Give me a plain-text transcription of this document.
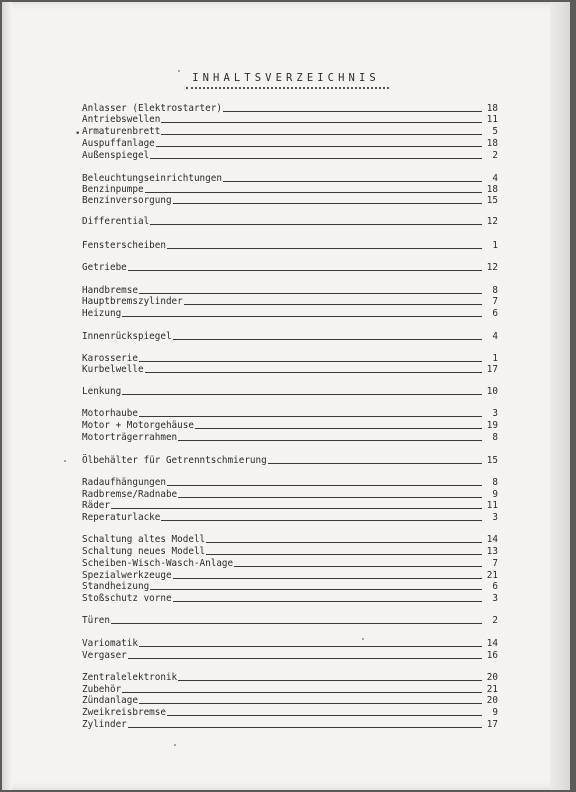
INHALTSVERZEICHNIS
•
Anlasser (Elektrostarter)	18
Antriebswellen	11
Armaturenbrett	5
Auspuffanlage	18
Außenspiegel	2
Beleuchtungseinrichtungen	4
Benzinpumpe	18
Benzinversorgung	15
Differential	12
Fensterscheiben	1
Getriebe	12
Handbremse	8
Hauptbremszylinder	7
Heizung	6
Innenrückspiegel	4
Karosserie	1
Kurbelwelle	17
Lenkung	10
Motorhaube	3
Motor + Motorgehäuse	19
Motorträgerrahmen	8
Ölbehälter für Getrenntschmierung	15
Radaufhängungen	8
Radbremse/Radnabe	9
Räder	11
Reperaturlacke	3
Schaltung altes Modell	14
Schaltung neues Modell	13
Scheiben-Wisch-Wasch-Anlage	7
Spezialwerkzeuge	21
Standheizung	6
Stoßschutz vorne	3
Türen	2
Variomatik	14
Vergaser	16
Zentralelektronik	20
Zubehör	21
Zündanlage	20
Zweikreisbremse	9
Zylinder	17
